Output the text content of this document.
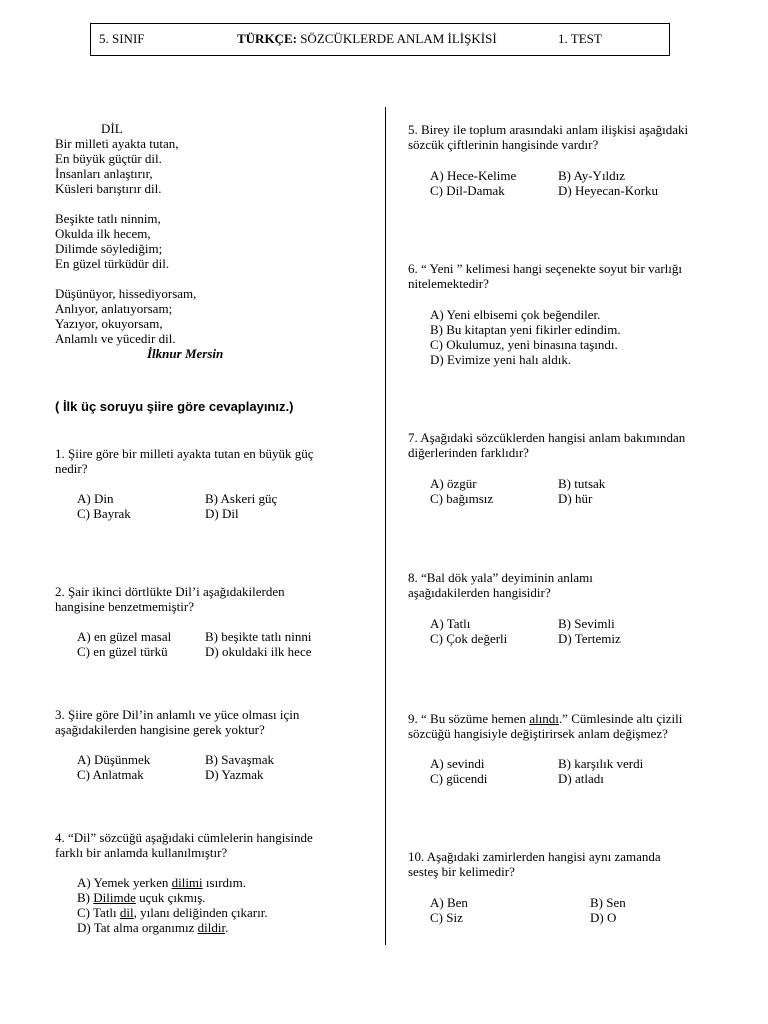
5. SINIF	TÜRKÇE: SÖZCÜKLERDE ANLAM İLİŞKİSİ	1. TEST
DİL
Bir milleti ayakta tutan,
En büyük güçtür dil.
İnsanları anlaştırır,
Küsleri barıştırır dil.
Beşikte tatlı ninnim,
Okulda ilk hecem,
Dilimde söylediğim;
En güzel türküdür dil.
Düşünüyor, hissediyorsam,
Anlıyor, anlatıyorsam;
Yazıyor, okuyorsam,
Anlamlı ve yücedir dil.
İlknur Mersin
( İlk üç soruyu şiire göre cevaplayınız.)
1. Şiire göre bir milleti ayakta tutan en büyük güç
nedir?
A) Din	B) Askeri güç
C) Bayrak	D) Dil
2. Şair ikinci dörtlükte Dil’i aşağıdakilerden
hangisine benzetmemiştir?
A) en güzel masal	B) beşikte tatlı ninni
C) en güzel türkü	D) okuldaki ilk hece
3. Şiire göre Dil’in anlamlı ve yüce olması için
aşağıdakilerden hangisine gerek yoktur?
A) Düşünmek	B) Savaşmak
C) Anlatmak	D) Yazmak
4. “Dil” sözcüğü aşağıdaki cümlelerin hangisinde
farklı bir anlamda kullanılmıştır?
A) Yemek yerken dilimi ısırdım.
B) Dilimde uçuk çıkmış.
C) Tatlı dil, yılanı deliğinden çıkarır.
D) Tat alma organımız dildir.
5. Birey ile toplum arasındaki anlam ilişkisi aşağıdaki
sözcük çiftlerinin hangisinde vardır?
A) Hece-Kelime	B) Ay-Yıldız
C) Dil-Damak	D) Heyecan-Korku
6. “ Yeni ” kelimesi hangi seçenekte soyut bir varlığı
nitelemektedir?
A) Yeni elbisemi çok beğendiler.
B) Bu kitaptan yeni fikirler edindim.
C) Okulumuz, yeni binasına taşındı.
D) Evimize yeni halı aldık.
7. Aşağıdaki sözcüklerden hangisi anlam bakımından
diğerlerinden farklıdır?
A) özgür	B) tutsak
C) bağımsız	D) hür
8. “Bal dök yala” deyiminin anlamı
aşağıdakilerden hangisidir?
A) Tatlı	B) Sevimli
C) Çok değerli	D) Tertemiz
9. “ Bu sözüme hemen alındı.” Cümlesinde altı çizili
sözcüğü hangisiyle değiştirirsek anlam değişmez?
A) sevindi	B) karşılık verdi
C) gücendi	D) atladı
10. Aşağıdaki zamirlerden hangisi aynı zamanda
sesteş bir kelimedir?
A) Ben	B) Sen
C) Siz	D) O
